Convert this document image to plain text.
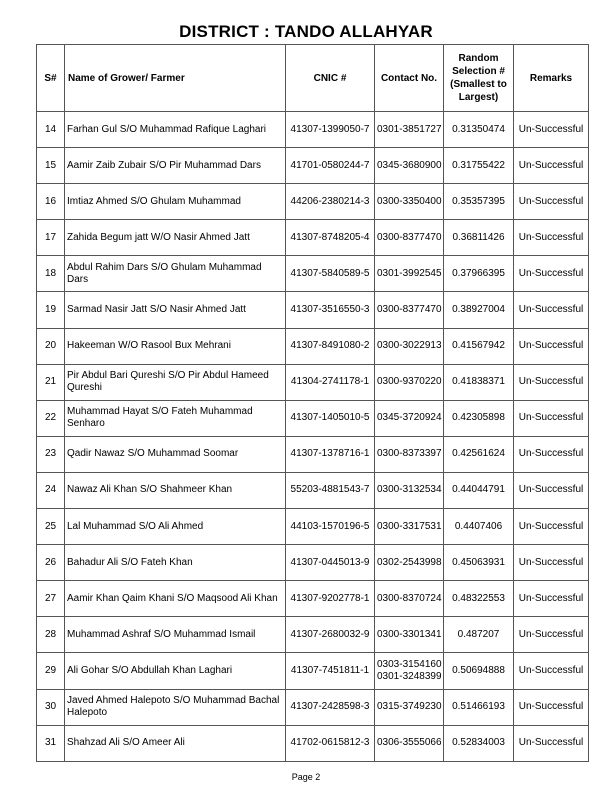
DISTRICT : TANDO ALLAHYAR
S#	Name of Grower/ Farmer	CNIC #	Contact No.	Random Selection # (Smallest to Largest)	Remarks
14	Farhan Gul S/O Muhammad Rafique Laghari	41307-1399050-7	0301-3851727	0.31350474	Un-Successful
15	Aamir Zaib Zubair S/O Pir Muhammad Dars	41701-0580244-7	0345-3680900	0.31755422	Un-Successful
16	Imtiaz Ahmed S/O Ghulam Muhammad	44206-2380214-3	0300-3350400	0.35357395	Un-Successful
17	Zahida Begum jatt W/O Nasir Ahmed Jatt	41307-8748205-4	0300-8377470	0.36811426	Un-Successful
18	Abdul Rahim Dars S/O Ghulam Muhammad Dars	41307-5840589-5	0301-3992545	0.37966395	Un-Successful
19	Sarmad Nasir Jatt S/O Nasir Ahmed Jatt	41307-3516550-3	0300-8377470	0.38927004	Un-Successful
20	Hakeeman W/O Rasool Bux Mehrani	41307-8491080-2	0300-3022913	0.41567942	Un-Successful
21	Pir Abdul Bari Qureshi S/O Pir Abdul Hameed Qureshi	41304-2741178-1	0300-9370220	0.41838371	Un-Successful
22	Muhammad Hayat S/O Fateh Muhammad Senharo	41307-1405010-5	0345-3720924	0.42305898	Un-Successful
23	Qadir Nawaz S/O Muhammad Soomar	41307-1378716-1	0300-8373397	0.42561624	Un-Successful
24	Nawaz Ali Khan S/O Shahmeer Khan	55203-4881543-7	0300-3132534	0.44044791	Un-Successful
25	Lal Muhammad S/O Ali Ahmed	44103-1570196-5	0300-3317531	0.4407406	Un-Successful
26	Bahadur Ali S/O Fateh Khan	41307-0445013-9	0302-2543998	0.45063931	Un-Successful
27	Aamir Khan Qaim Khani S/O Maqsood Ali Khan	41307-9202778-1	0300-8370724	0.48322553	Un-Successful
28	Muhammad Ashraf S/O Muhammad Ismail	41307-2680032-9	0300-3301341	0.487207	Un-Successful
29	Ali Gohar S/O Abdullah Khan Laghari	41307-7451811-1	0303-3154160
0301-3248399	0.50694888	Un-Successful
30	Javed Ahmed Halepoto S/O Muhammad Bachal Halepoto	41307-2428598-3	0315-3749230	0.51466193	Un-Successful
31	Shahzad Ali S/O Ameer Ali	41702-0615812-3	0306-3555066	0.52834003	Un-Successful
Page 2
